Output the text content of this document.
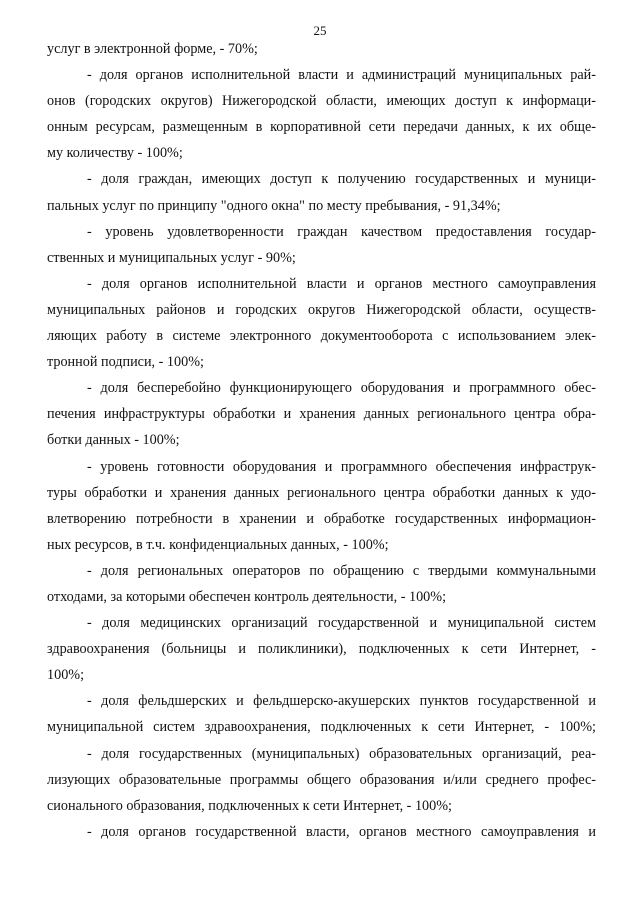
25
услуг в электронной форме, - 70%;
- доля органов исполнительной власти и администраций муниципальных рай-
онов (городских округов) Нижегородской области, имеющих доступ к информаци-
онным ресурсам, размещенным в корпоративной сети передачи данных, к их обще-
му количеству - 100%;
- доля граждан, имеющих доступ к получению государственных и муници-
пальных услуг по принципу "одного окна" по месту пребывания, - 91,34%;
- уровень удовлетворенности граждан качеством предоставления государ-
ственных и муниципальных услуг - 90%;
- доля органов исполнительной власти и органов местного самоуправления
муниципальных районов и городских округов Нижегородской области, осуществ-
ляющих работу в системе электронного документооборота с использованием элек-
тронной подписи, - 100%;
- доля бесперебойно функционирующего оборудования и программного обес-
печения инфраструктуры обработки и хранения данных регионального центра обра-
ботки данных - 100%;
- уровень готовности оборудования и программного обеспечения инфраструк-
туры обработки и хранения данных регионального центра обработки данных к удо-
влетворению потребности в хранении и обработке государственных информацион-
ных ресурсов, в т.ч. конфиденциальных данных, - 100%;
- доля региональных операторов по обращению с твердыми коммунальными
отходами, за которыми обеспечен контроль деятельности, - 100%;
- доля медицинских организаций государственной и муниципальной систем
здравоохранения (больницы и поликлиники), подключенных к сети Интернет, -
100%;
- доля фельдшерских и фельдшерско-акушерских пунктов государственной и
муниципальной систем здравоохранения, подключенных к сети Интернет, - 100%;
- доля государственных (муниципальных) образовательных организаций, реа-
лизующих образовательные программы общего образования и/или среднего профес-
сионального образования, подключенных к сети Интернет, - 100%;
- доля органов государственной власти, органов местного самоуправления и
